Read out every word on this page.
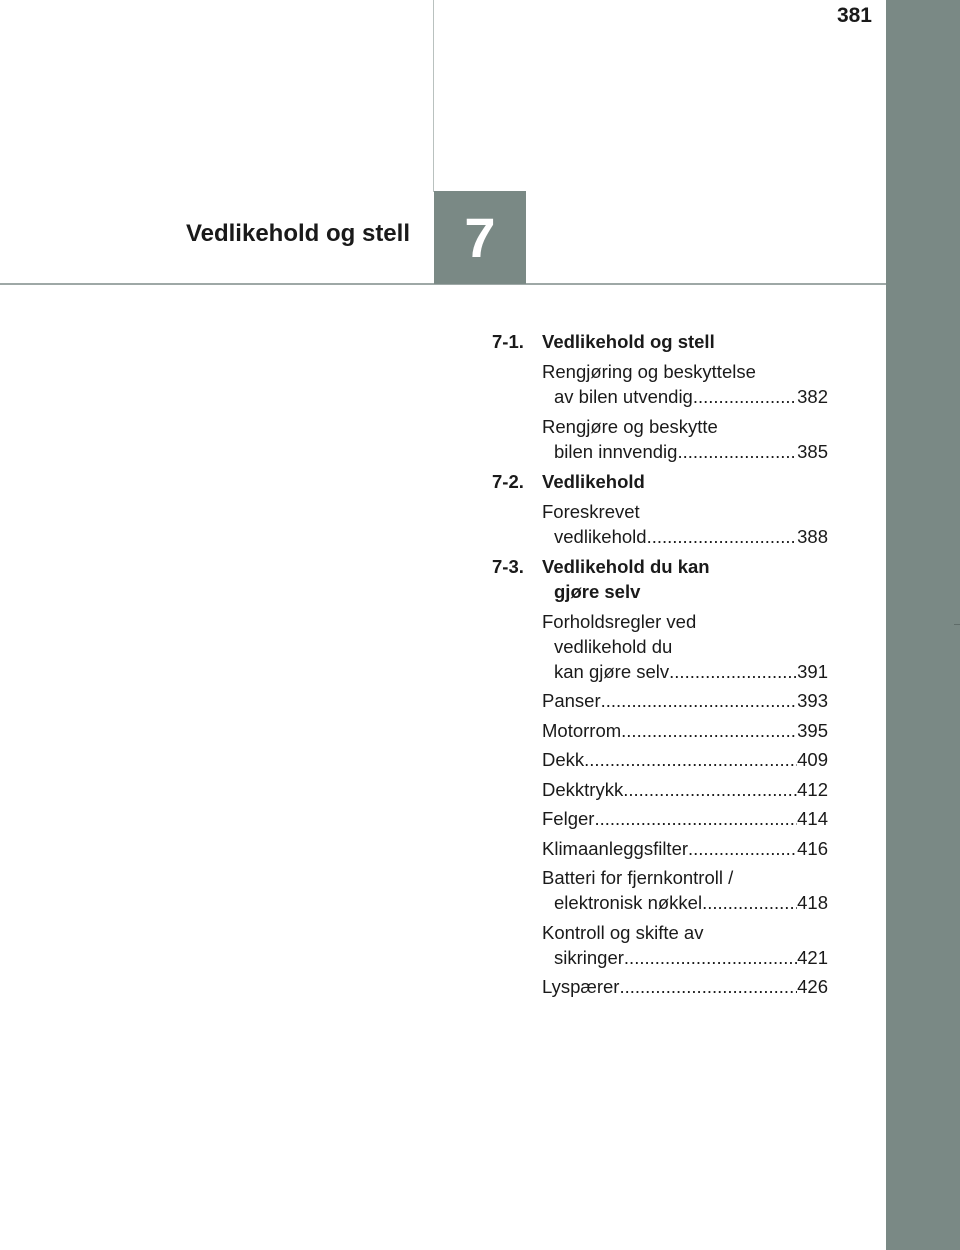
381
7
Vedlikehold og stell
7-1. Vedlikehold og stell
Rengjøring og beskyttelse
av bilen utvendig .....	382
Rengjøre og beskytte
bilen innvendig .....	385
7-2. Vedlikehold
Foreskrevet
vedlikehold .....	388
7-3. Vedlikehold du kan
gjøre selv
Forholdsregler ved
vedlikehold du
kan gjøre selv .....	391
Panser .....	393
Motorrom .....	395
Dekk .....	409
Dekktrykk .....	412
Felger .....	414
Klimaanleggsfilter .....	416
Batteri for fjernkontroll /
elektronisk nøkkel .....	418
Kontroll og skifte av
sikringer .....	421
Lyspærer .....	426
